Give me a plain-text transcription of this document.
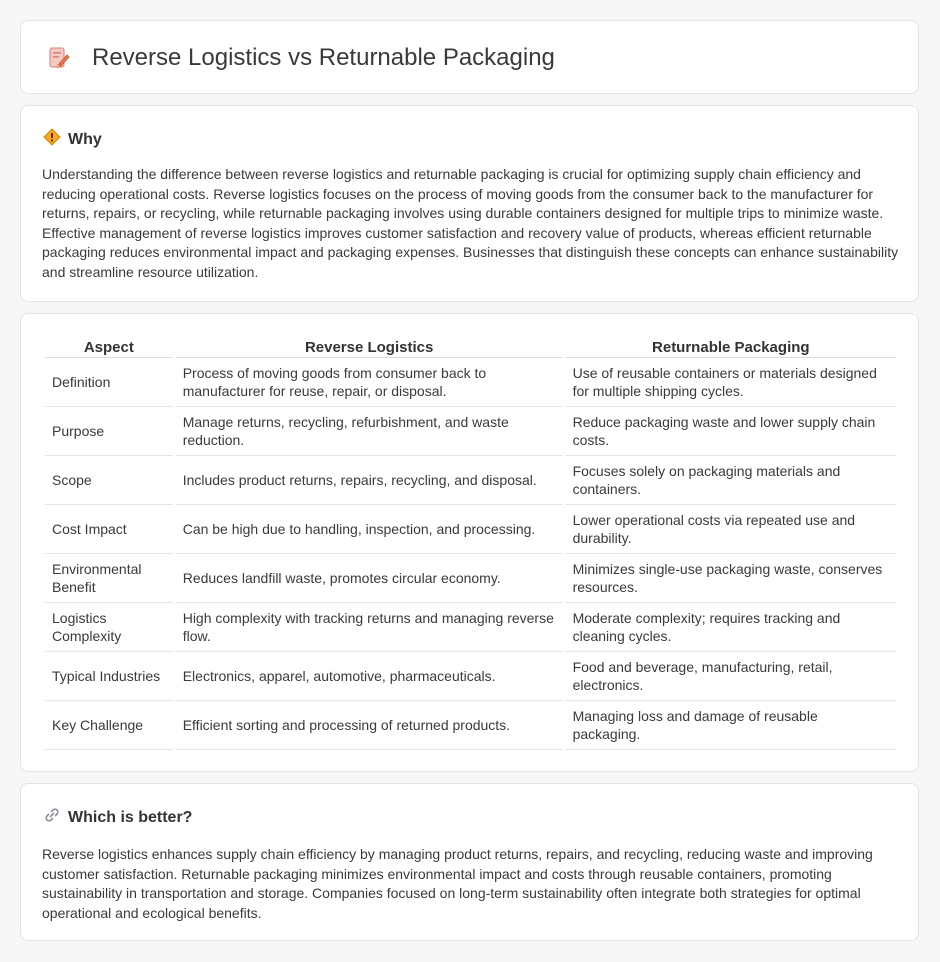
Reverse Logistics vs Returnable Packaging
Why

Understanding the difference between reverse logistics and returnable packaging is crucial for optimizing supply chain efficiency and reducing operational costs. Reverse logistics focuses on the process of moving goods from the consumer back to the manufacturer for returns, repairs, or recycling, while returnable packaging involves using durable containers designed for multiple trips to minimize waste. Effective management of reverse logistics improves customer satisfaction and recovery value of products, whereas efficient returnable packaging reduces environmental impact and packaging expenses. Businesses that distinguish these concepts can enhance sustainability and streamline resource utilization.

Aspect	Reverse Logistics	Returnable Packaging
Definition	Process of moving goods from consumer back to manufacturer for reuse, repair, or disposal.	Use of reusable containers or materials designed for multiple shipping cycles.
Purpose	Manage returns, recycling, refurbishment, and waste reduction.	Reduce packaging waste and lower supply chain costs.
Scope	Includes product returns, repairs, recycling, and disposal.	Focuses solely on packaging materials and containers.
Cost Impact	Can be high due to handling, inspection, and processing.	Lower operational costs via repeated use and durability.
Environmental Benefit	Reduces landfill waste, promotes circular economy.	Minimizes single-use packaging waste, conserves resources.
Logistics Complexity	High complexity with tracking returns and managing reverse flow.	Moderate complexity; requires tracking and cleaning cycles.
Typical Industries	Electronics, apparel, automotive, pharmaceuticals.	Food and beverage, manufacturing, retail, electronics.
Key Challenge	Efficient sorting and processing of returned products.	Managing loss and damage of reusable packaging.
Which is better?

Reverse logistics enhances supply chain efficiency by managing product returns, repairs, and recycling, reducing waste and improving customer satisfaction. Returnable packaging minimizes environmental impact and costs through reusable containers, promoting sustainability in transportation and storage. Companies focused on long-term sustainability often integrate both strategies for optimal operational and ecological benefits.
